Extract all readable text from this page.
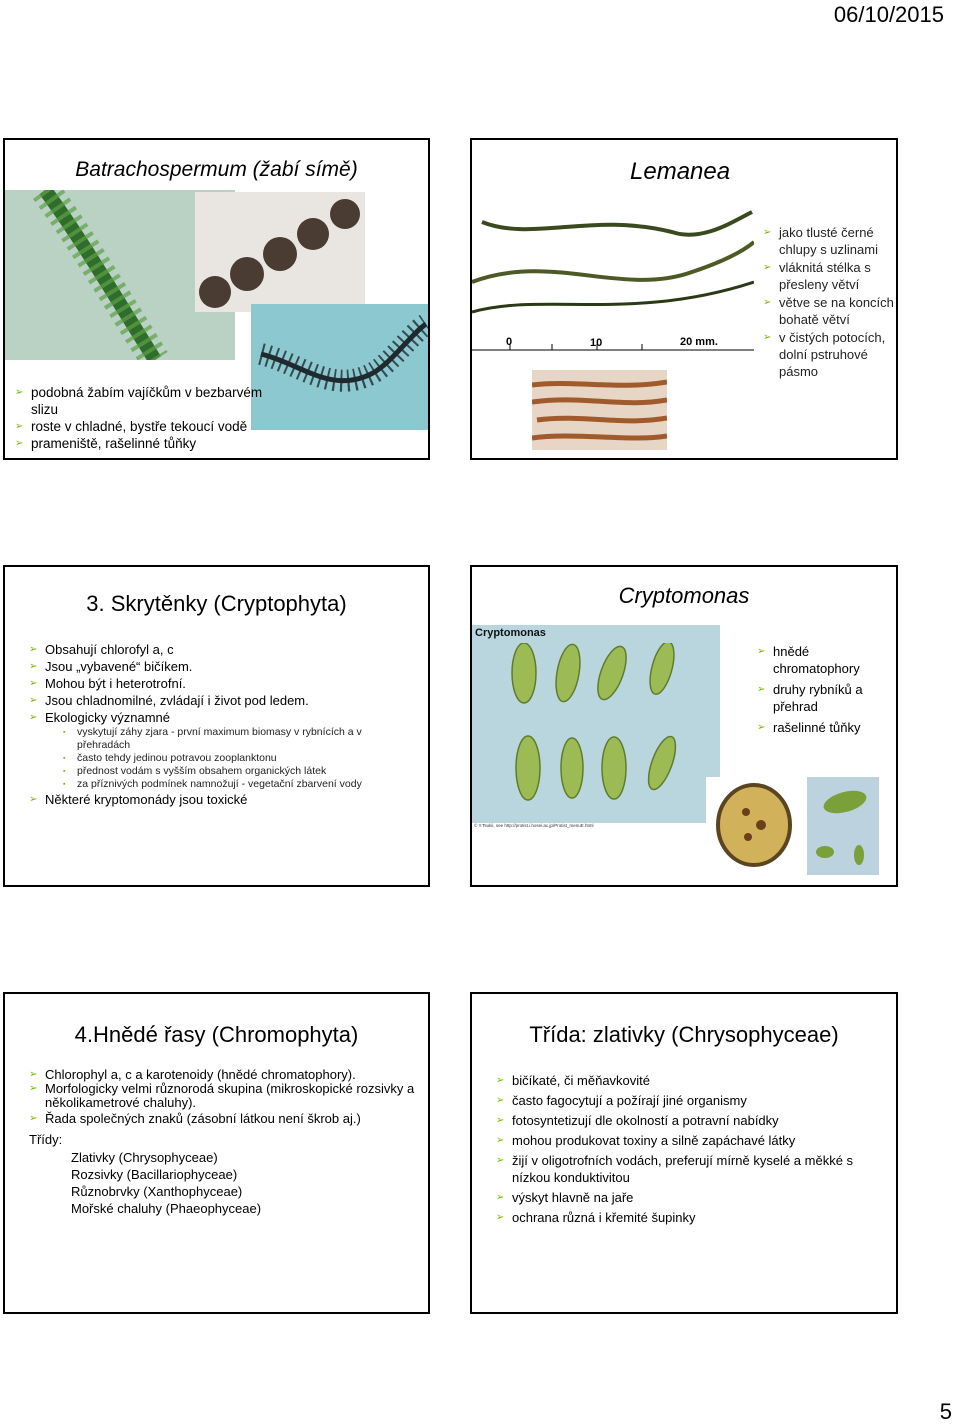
06/10/2015
Batrachospermum (žabí símě)
➢ podobná žabím vajíčkům v bezbarvém slizu
➢ roste v chladné, bystře tekoucí vodě
➢ prameniště, rašelinné tůňky
Lemanea
0	10	20 mm.
➢ jako tlusté černé chlupy s uzlinami
➢ vláknitá stélka s přesleny větví
➢ větve se na koncích bohatě větví
➢ v čistých potocích, dolní pstruhové pásmo
3. Skrytěnky (Cryptophyta)
➢ Obsahují chlorofyl a, c
➢ Jsou „vybavené“ bičíkem.
➢ Mohou být i heterotrofní.
➢ Jsou chladnomilné, zvládají i život pod ledem.
➢ Ekologicky významné
▪ vyskytují záhy zjara - první maximum biomasy v rybnících a v přehradách
▪ často tehdy jedinou potravou zooplanktonu
▪ přednost vodám s vyšším obsahem organických látek
▪ za příznivých podmínek namnožují - vegetační zbarvení vody
➢ Některé kryptomonády jsou toxické
Cryptomonas
Cryptomonas
© Y.Tsukii, see http://protist.i.hosei.ac.jp/Protist_menuE.html
➢ hnědé chromatophory
➢ druhy rybníků a přehrad
➢ rašelinné tůňky
4.Hnědé řasy (Chromophyta)
➢ Chlorophyl a, c a karotenoidy (hnědé chromatophory).
➢ Morfologicky velmi různorodá skupina (mikroskopické rozsivky a několikametrové chaluhy).
➢ Řada společných znaků (zásobní látkou není škrob aj.)
Třídy:
Zlativky (Chrysophyceae)
Rozsivky (Bacillariophyceae)
Různobrvky (Xanthophyceae)
Mořské chaluhy (Phaeophyceae)
Třída: zlativky (Chrysophyceae)
➢ bičíkaté, či měňavkovité
➢ často fagocytují a požírají jiné organismy
➢ fotosyntetizují dle okolností a potravní nabídky
➢ mohou produkovat toxiny a silně zapáchavé látky
➢ žijí v oligotrofních vodách, preferují mírně kyselé a měkké s nízkou konduktivitou
➢ výskyt hlavně na jaře
➢ ochrana různá i křemité šupinky
5
